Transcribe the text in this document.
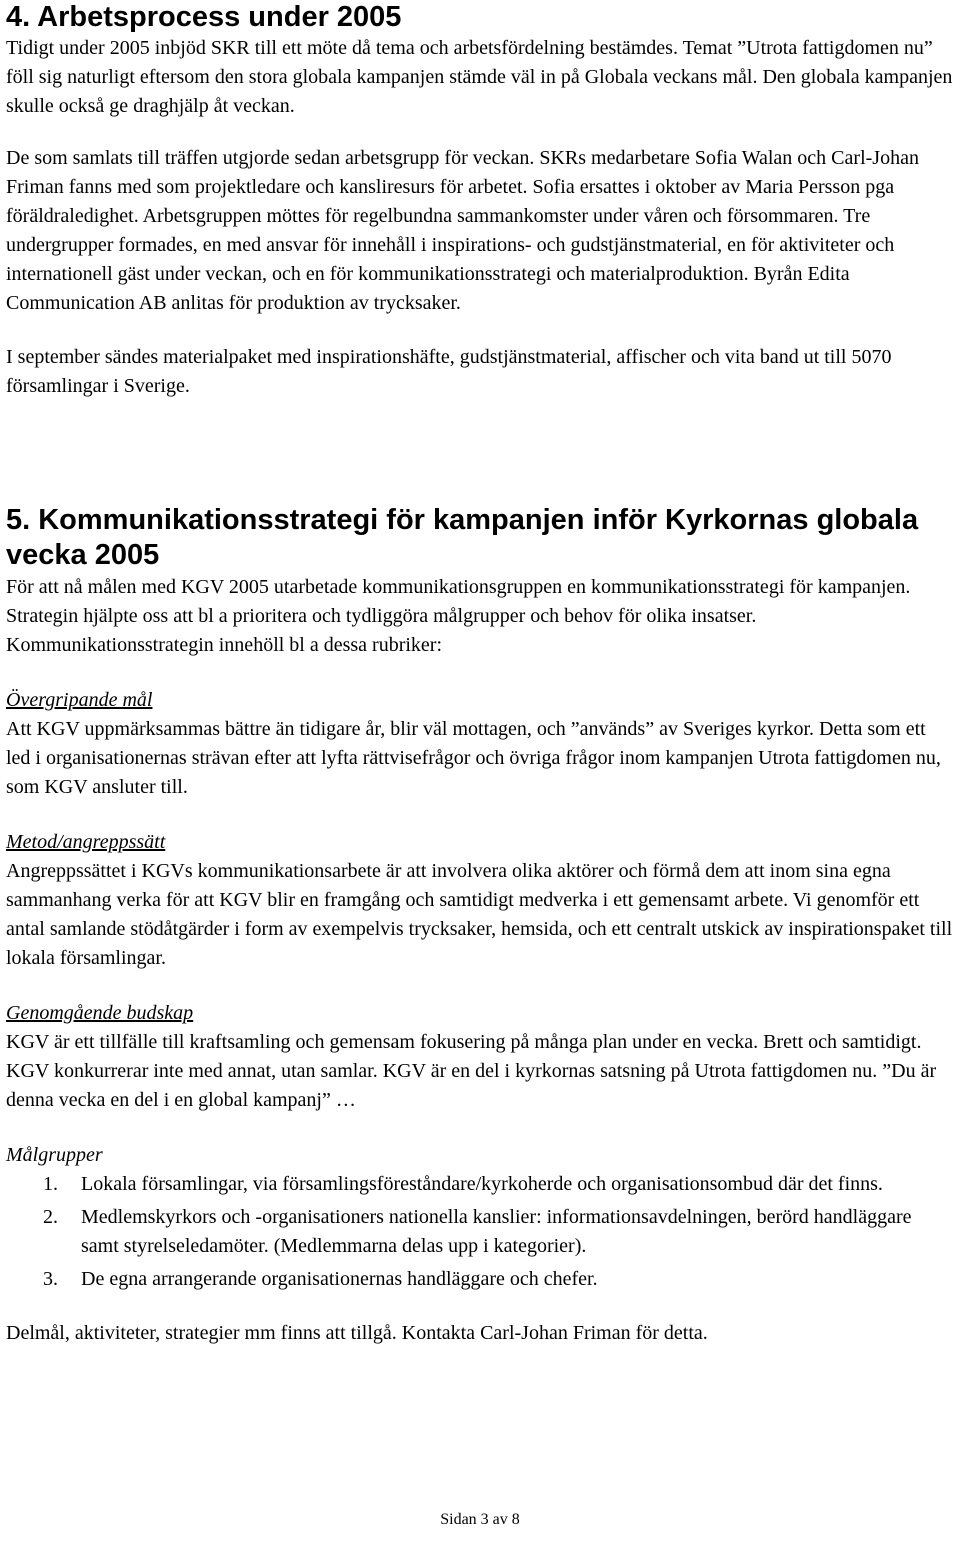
4. Arbetsprocess under 2005

Tidigt under 2005 inbjöd SKR till ett möte då tema och arbetsfördelning bestämdes. Temat ”Utrota fattigdomen nu” föll sig naturligt eftersom den stora globala kampanjen stämde väl in på Globala veckans mål. Den globala kampanjen skulle också ge draghjälp åt veckan.

De som samlats till träffen utgjorde sedan arbetsgrupp för veckan. SKRs medarbetare Sofia Walan och Carl-Johan Friman fanns med som projektledare och kansliresurs för arbetet. Sofia ersattes i oktober av Maria Persson pga föräldraledighet. Arbetsgruppen möttes för regelbundna sammankomster under våren och försommaren. Tre undergrupper formades, en med ansvar för innehåll i inspirations- och gudstjänstmaterial, en för aktiviteter och internationell gäst under veckan, och en för kommunikationsstrategi och materialproduktion. Byrån Edita Communication AB anlitas för produktion av trycksaker.

I september sändes materialpaket med inspirationshäfte, gudstjänstmaterial, affischer och vita band ut till 5070 församlingar i Sverige.

5. Kommunikationsstrategi för kampanjen inför Kyrkornas globala vecka 2005

För att nå målen med KGV 2005 utarbetade kommunikationsgruppen en kommunikationsstrategi för kampanjen. Strategin hjälpte oss att bl a prioritera och tydliggöra målgrupper och behov för olika insatser. Kommunikationsstrategin innehöll bl a dessa rubriker:

Övergripande mål

Att KGV uppmärksammas bättre än tidigare år, blir väl mottagen, och ”används” av Sveriges kyrkor. Detta som ett led i organisationernas strävan efter att lyfta rättvisefrågor och övriga frågor inom kampanjen Utrota fattigdomen nu, som KGV ansluter till.

Metod/angreppssätt

Angreppssättet i KGVs kommunikationsarbete är att involvera olika aktörer och förmå dem att inom sina egna sammanhang verka för att KGV blir en framgång och samtidigt medverka i ett gemensamt arbete. Vi genomför ett antal samlande stödåtgärder i form av exempelvis trycksaker, hemsida, och ett centralt utskick av inspirationspaket till lokala församlingar.

Genomgående budskap

KGV är ett tillfälle till kraftsamling och gemensam fokusering på många plan under en vecka. Brett och samtidigt. KGV konkurrerar inte med annat, utan samlar. KGV är en del i kyrkornas satsning på Utrota fattigdomen nu. ”Du är denna vecka en del i en global kampanj” …

Målgrupper
1. Lokala församlingar, via församlingsföreståndare/kyrkoherde och organisationsombud där det finns.
2. Medlemskyrkors och -organisationers nationella kanslier: informationsavdelningen, berörd handläggare samt styrelseledamöter. (Medlemmarna delas upp i kategorier).
3. De egna arrangerande organisationernas handläggare och chefer.

Delmål, aktiviteter, strategier mm finns att tillgå. Kontakta Carl-Johan Friman för detta.

Sidan 3 av 8
